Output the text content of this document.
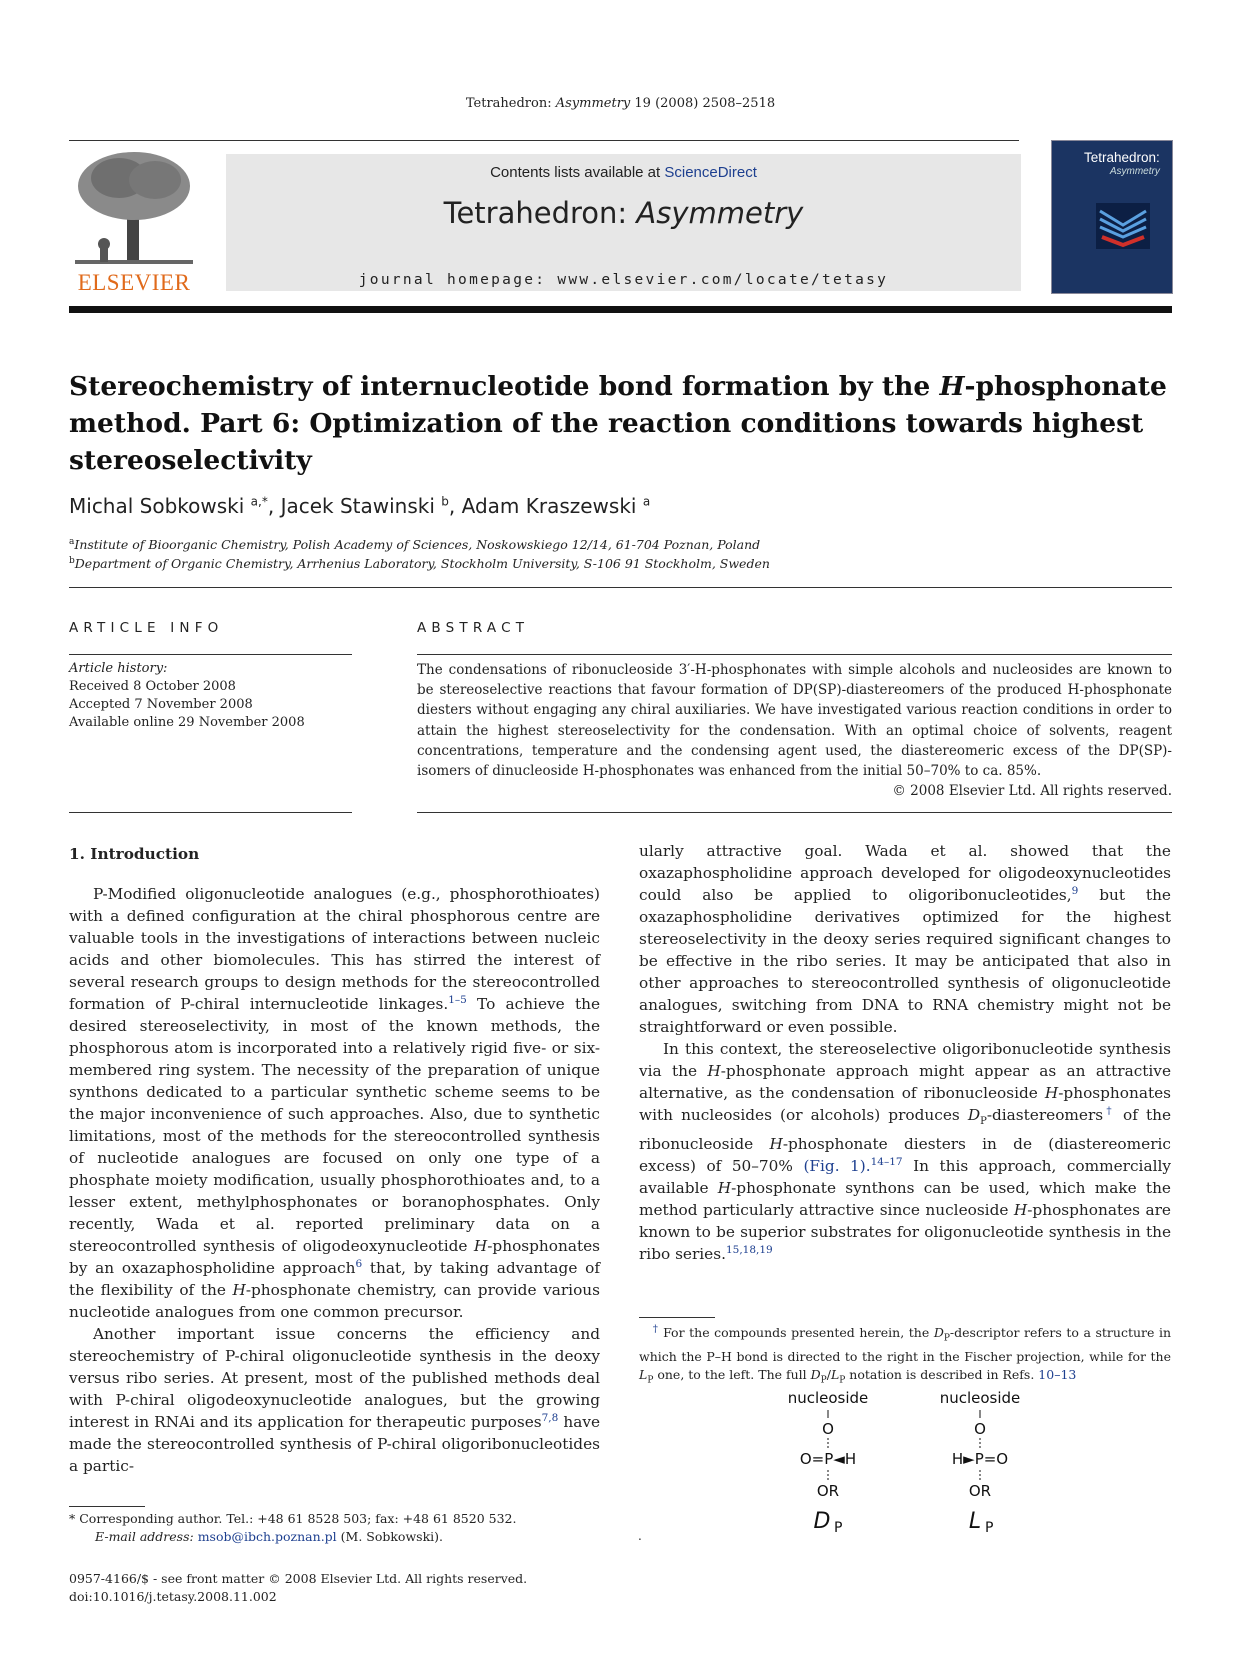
Tetrahedron: Asymmetry 19 (2008) 2508–2518
ELSEVIER
Contents lists available at ScienceDirect
Tetrahedron: Asymmetry
journal homepage: www.elsevier.com/locate/tetasy
Tetrahedron:
Asymmetry
Stereochemistry of internucleotide bond formation by the H-phosphonate method. Part 6: Optimization of the reaction conditions towards highest stereoselectivity
Michal Sobkowski $^{a,*}$, Jacek Stawinski $^b$, Adam Kraszewski $^a$
$^a$Institute of Bioorganic Chemistry, Polish Academy of Sciences, Noskowskiego 12/14, 61-704 Poznan, Poland
$^b$Department of Organic Chemistry, Arrhenius Laboratory, Stockholm University, S-106 91 Stockholm, Sweden
ARTICLE INFO	ABSTRACT
Article history:
Received 8 October 2008
Accepted 7 November 2008
Available online 29 November 2008
The condensations of ribonucleoside 3′-H-phosphonates with simple alcohols and nucleosides are known to be stereoselective reactions that favour formation of DP(SP)-diastereomers of the produced H-phosphonate diesters without engaging any chiral auxiliaries. We have investigated various reaction conditions in order to attain the highest stereoselectivity for the condensation. With an optimal choice of solvents, reagent concentrations, temperature and the condensing agent used, the diastereomeric excess of the DP(SP)-isomers of dinucleoside H-phosphonates was enhanced from the initial 50–70% to ca. 85%.
© 2008 Elsevier Ltd. All rights reserved.
1. Introduction

P-Modified oligonucleotide analogues (e.g., phosphorothioates) with a defined configuration at the chiral phosphorous centre are valuable tools in the investigations of interactions between nucleic acids and other biomolecules. This has stirred the interest of several research groups to design methods for the stereocontrolled formation of P-chiral internucleotide linkages.$^{1-5}$ To achieve the desired stereoselectivity, in most of the known methods, the phosphorous atom is incorporated into a relatively rigid five- or six-membered ring system. The necessity of the preparation of unique synthons dedicated to a particular synthetic scheme seems to be the major inconvenience of such approaches. Also, due to synthetic limitations, most of the methods for the stereocontrolled synthesis of nucleotide analogues are focused on only one type of a phosphate moiety modification, usually phosphorothioates and, to a lesser extent, methylphosphonates or boranophosphates. Only recently, Wada et al. reported preliminary data on a stereocontrolled synthesis of oligodeoxynucleotide H-phosphonates by an oxazaphospholidine approach$^6$ that, by taking advantage of the flexibility of the H-phosphonate chemistry, can provide various nucleotide analogues from one common precursor.

Another important issue concerns the efficiency and stereochemistry of P-chiral oligonucleotide synthesis in the deoxy versus ribo series. At present, most of the published methods deal with P-chiral oligodeoxynucleotide analogues, but the growing interest in RNAi and its application for therapeutic purposes$^{7,8}$ have made the stereocontrolled synthesis of P-chiral oligoribonucleotides a partic-

ularly attractive goal. Wada et al. showed that the oxazaphospholidine approach developed for oligodeoxynucleotides could also be applied to oligoribonucleotides,$^9$ but the oxazaphospholidine derivatives optimized for the highest stereoselectivity in the deoxy series required significant changes to be effective in the ribo series. It may be anticipated that also in other approaches to stereocontrolled synthesis of oligonucleotide analogues, switching from DNA to RNA chemistry might not be straightforward or even possible.

In this context, the stereoselective oligoribonucleotide synthesis via the H-phosphonate approach might appear as an attractive alternative, as the condensation of ribonucleoside H-phosphonates with nucleosides (or alcohols) produces $D_P-diastereomers^\dagger$ of the ribonucleoside H-phosphonate diesters in de (diastereomeric excess) of 50–70% (Fig. 1).$^{14-17}$ In this approach, commercially available H-phosphonate synthons can be used, which make the method particularly attractive since nucleoside H-phosphonates are known to be superior substrates for oligonucleotide synthesis in the ribo series.$^{15,18,19}$

† For the compounds presented herein, the $D_P$-descriptor refers to a structure in which the P–H bond is directed to the right in the Fischer projection, while for the $L_P$ one, to the left. The full $D_P/L_P$ notation is described in Refs. 10–13
nucleoside
O
O=P◄H
OR
D P
nucleoside
O
H►P=O
OR
L P
.
* Corresponding author. Tel.: +48 61 8528 503; fax: +48 61 8520 532.
E-mail address: msob@ibch.poznan.pl (M. Sobkowski).
0957-4166/$ - see front matter © 2008 Elsevier Ltd. All rights reserved.
doi:10.1016/j.tetasy.2008.11.002
